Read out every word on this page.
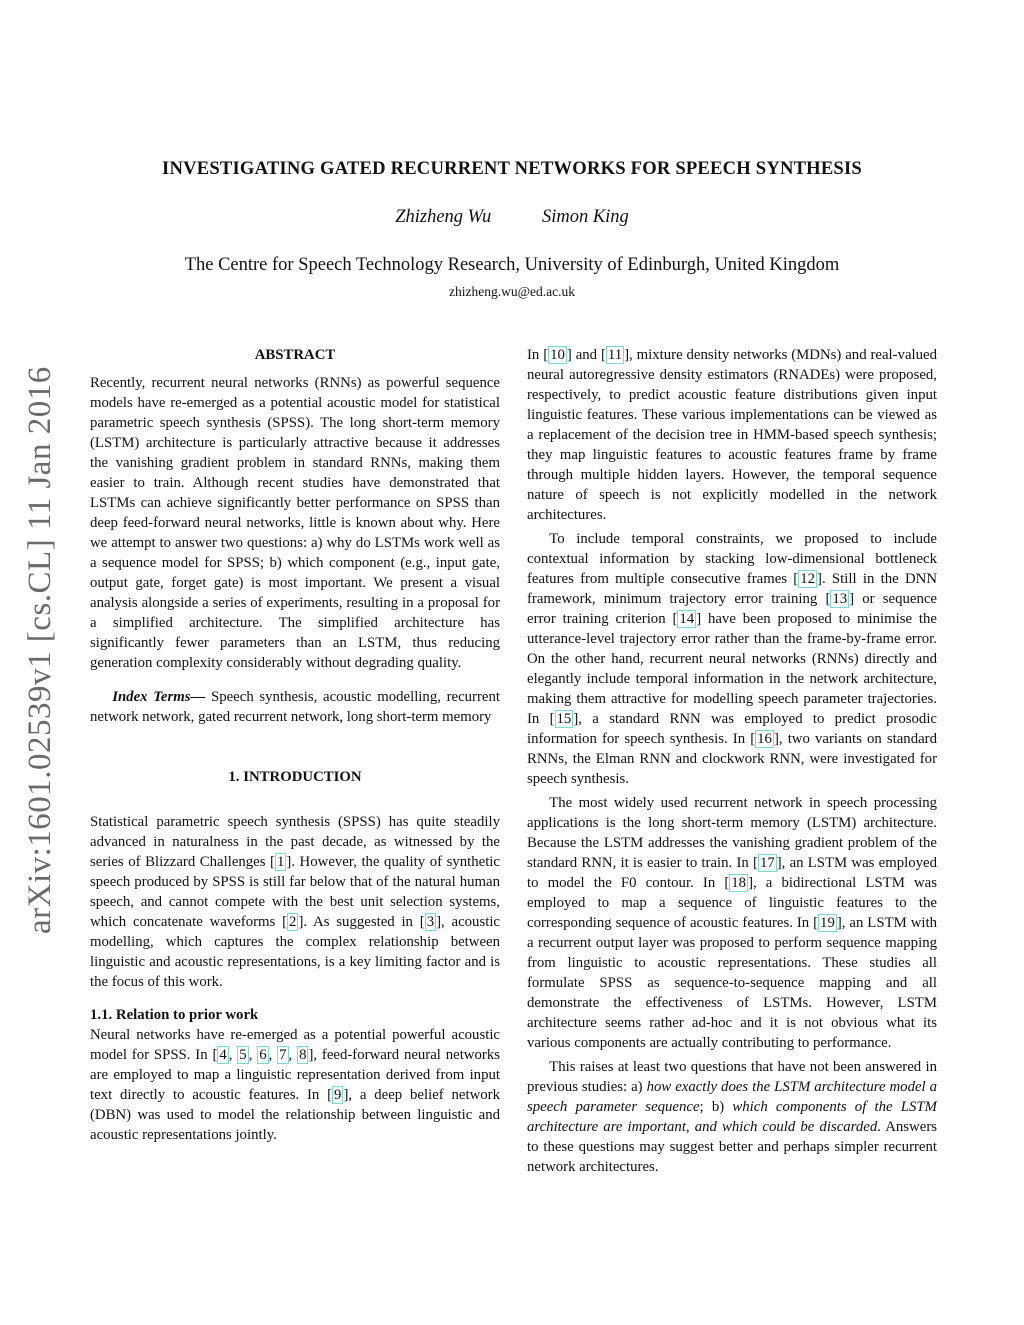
arXiv:1601.02539v1 [cs.CL] 11 Jan 2016
INVESTIGATING GATED RECURRENT NETWORKS FOR SPEECH SYNTHESIS
Zhizheng Wu	Simon King
The Centre for Speech Technology Research, University of Edinburgh, United Kingdom
zhizheng.wu@ed.ac.uk
ABSTRACT

Recently, recurrent neural networks (RNNs) as powerful sequence models have re-emerged as a potential acoustic model for statistical parametric speech synthesis (SPSS). The long short-term memory (LSTM) architecture is particularly attractive because it addresses the vanishing gradient problem in standard RNNs, making them easier to train. Although recent studies have demonstrated that LSTMs can achieve significantly better performance on SPSS than deep feed-forward neural networks, little is known about why. Here we attempt to answer two questions: a) why do LSTMs work well as a sequence model for SPSS; b) which component (e.g., input gate, output gate, forget gate) is most important. We present a visual analysis alongside a series of experiments, resulting in a proposal for a simplified architecture. The simplified architecture has significantly fewer parameters than an LSTM, thus reducing generation complexity considerably without degrading quality.

Index Terms— Speech synthesis, acoustic modelling, recurrent network network, gated recurrent network, long short-term memory

1. INTRODUCTION

Statistical parametric speech synthesis (SPSS) has quite steadily advanced in naturalness in the past decade, as witnessed by the series of Blizzard Challenges [ 1 ]. However, the quality of synthetic speech produced by SPSS is still far below that of the natural human speech, and cannot compete with the best unit selection systems, which concatenate waveforms [ 2 ]. As suggested in [ 3 ], acoustic modelling, which captures the complex relationship between linguistic and acoustic representations, is a key limiting factor and is the focus of this work.

1.1. Relation to prior work

Neural networks have re-emerged as a potential powerful acoustic model for SPSS. In [ 4 , 5 , 6 , 7 , 8 ], feed-forward neural networks are employed to map a linguistic representation derived from input text directly to acoustic features. In [ 9 ], a deep belief network (DBN) was used to model the relationship between linguistic and acoustic representations jointly.

In [ 10 ] and [ 11 ], mixture density networks (MDNs) and real-valued neural autoregressive density estimators (RNADEs) were proposed, respectively, to predict acoustic feature distributions given input linguistic features. These various implementations can be viewed as a replacement of the decision tree in HMM-based speech synthesis; they map linguistic features to acoustic features frame by frame through multiple hidden layers. However, the temporal sequence nature of speech is not explicitly modelled in the network architectures.

To include temporal constraints, we proposed to include contextual information by stacking low-dimensional bottleneck features from multiple consecutive frames [ 12 ]. Still in the DNN framework, minimum trajectory error training [ 13 ] or sequence error training criterion [ 14 ] have been proposed to minimise the utterance-level trajectory error rather than the frame-by-frame error. On the other hand, recurrent neural networks (RNNs) directly and elegantly include temporal information in the network architecture, making them attractive for modelling speech parameter trajectories. In [ 15 ], a standard RNN was employed to predict prosodic information for speech synthesis. In [ 16 ], two variants on standard RNNs, the Elman RNN and clockwork RNN, were investigated for speech synthesis.

The most widely used recurrent network in speech processing applications is the long short-term memory (LSTM) architecture. Because the LSTM addresses the vanishing gradient problem of the standard RNN, it is easier to train. In [ 17 ], an LSTM was employed to model the F0 contour. In [ 18 ], a bidirectional LSTM was employed to map a sequence of linguistic features to the corresponding sequence of acoustic features. In [ 19 ], an LSTM with a recurrent output layer was proposed to perform sequence mapping from linguistic to acoustic representations. These studies all formulate SPSS as sequence-to-sequence mapping and all demonstrate the effectiveness of LSTMs. However, LSTM architecture seems rather ad-hoc and it is not obvious what its various components are actually contributing to performance.

This raises at least two questions that have not been answered in previous studies: a) how exactly does the LSTM architecture model a speech parameter sequence; b) which components of the LSTM architecture are important, and which could be discarded. Answers to these questions may suggest better and perhaps simpler recurrent network architectures.
